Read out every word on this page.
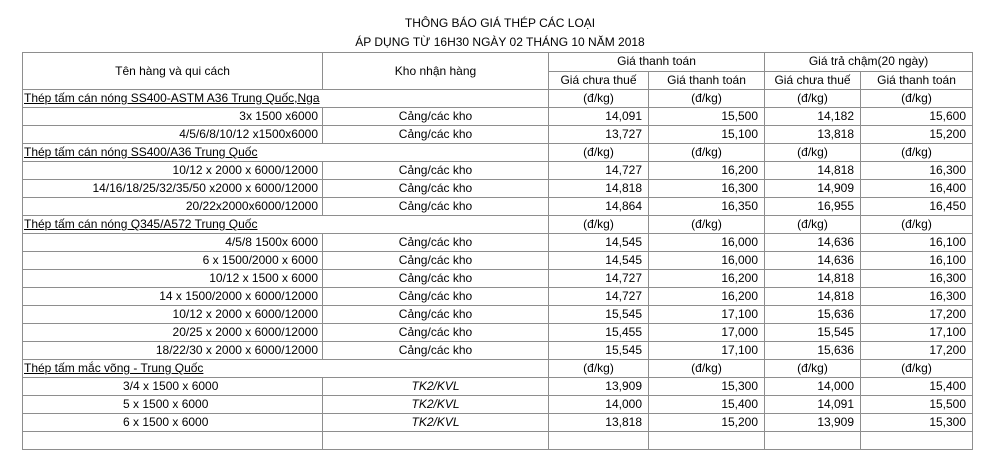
THÔNG BÁO GIÁ THÉP CÁC LOẠI
ÁP DỤNG TỪ 16H30 NGÀY 02 THÁNG 10 NĂM 2018
Tên hàng và qui cách	Kho nhận hàng	Giá thanh toán		Giá trả chậm(20 ngày)	
		Giá chưa thuế	Giá thanh toán	Giá chưa thuế	Giá thanh toán
Thép tấm cán nóng SS400-ASTM A36 Trung Quốc,Nga		(đ/kg)	(đ/kg)	(đ/kg)	(đ/kg)
3x 1500 x6000	Cảng/các kho	14,091	15,500	14,182	15,600
4/5/6/8/10/12 x1500x6000	Cảng/các kho	13,727	15,100	13,818	15,200
Thép tấm cán nóng SS400/A36 Trung Quốc		(đ/kg)	(đ/kg)	(đ/kg)	(đ/kg)
10/12 x 2000 x 6000/12000	Cảng/các kho	14,727	16,200	14,818	16,300
14/16/18/25/32/35/50 x2000 x 6000/12000	Cảng/các kho	14,818	16,300	14,909	16,400
20/22x2000x6000/12000	Cảng/các kho	14,864	16,350	16,955	16,450
Thép tấm cán nóng Q345/A572 Trung Quốc		(đ/kg)	(đ/kg)	(đ/kg)	(đ/kg)
4/5/8 1500x 6000	Cảng/các kho	14,545	16,000	14,636	16,100
6 x 1500/2000 x 6000	Cảng/các kho	14,545	16,000	14,636	16,100
10/12 x 1500 x 6000	Cảng/các kho	14,727	16,200	14,818	16,300
14 x 1500/2000 x 6000/12000	Cảng/các kho	14,727	16,200	14,818	16,300
10/12 x 2000 x 6000/12000	Cảng/các kho	15,545	17,100	15,636	17,200
20/25 x 2000 x 6000/12000	Cảng/các kho	15,455	17,000	15,545	17,100
18/22/30 x 2000 x 6000/12000	Cảng/các kho	15,545	17,100	15,636	17,200
Thép tấm mắc võng - Trung Quốc		(đ/kg)	(đ/kg)	(đ/kg)	(đ/kg)
3/4 x 1500 x 6000	TK2/KVL	13,909	15,300	14,000	15,400
5 x 1500 x 6000	TK2/KVL	14,000	15,400	14,091	15,500
6 x 1500 x 6000	TK2/KVL	13,818	15,200	13,909	15,300
